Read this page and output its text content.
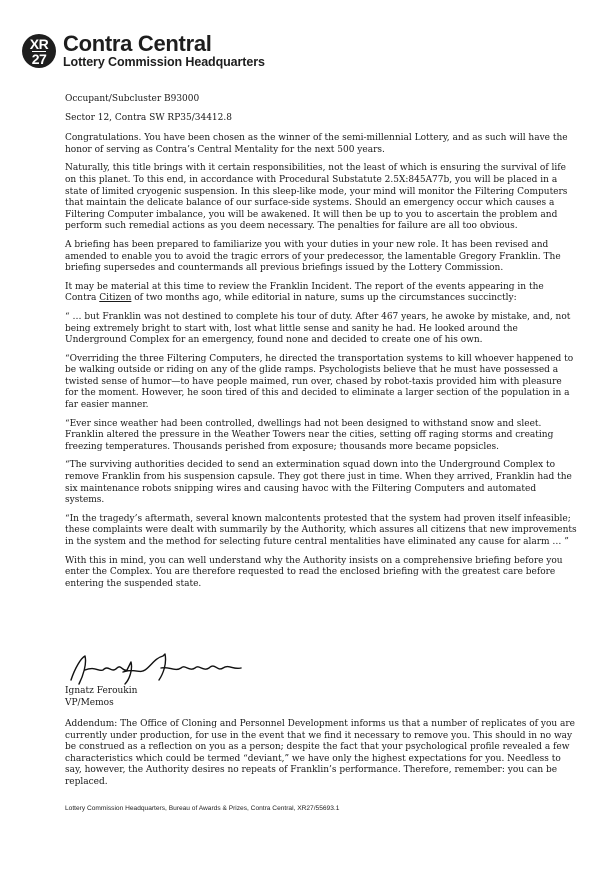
XR
27
Contra Central
Lottery Commission Headquarters

Occupant/Subcluster B93000

Sector 12, Contra SW RP35/34412.8

Congratulations. You have been chosen as the winner of the semi-millennial Lottery, and as such will have the honor of serving as Contra’s Central Mentality for the next 500 years.

Naturally, this title brings with it certain responsibilities, not the least of which is ensuring the survival of life on this planet. To this end, in accordance with Procedural Substatute 2.5X:845A77b, you will be placed in a state of limited cryogenic suspension. In this sleep-like mode, your mind will monitor the Filtering Computers that maintain the delicate balance of our surface-side systems. Should an emergency occur which causes a Filtering Computer imbalance, you will be awakened. It will then be up to you to ascertain the problem and perform such remedial actions as you deem necessary. The penalties for failure are all too obvious.

A briefing has been prepared to familiarize you with your duties in your new role. It has been revised and amended to enable you to avoid the tragic errors of your predecessor, the lamentable Gregory Franklin. The briefing supersedes and countermands all previous briefings issued by the Lottery Commission.

It may be material at this time to review the Franklin Incident. The report of the events appearing in the Contra Citizen of two months ago, while editorial in nature, sums up the circumstances succinctly:

“ … but Franklin was not destined to complete his tour of duty. After 467 years, he awoke by mistake, and, not being extremely bright to start with, lost what little sense and sanity he had. He looked around the Underground Complex for an emergency, found none and decided to create one of his own.

“Overriding the three Filtering Computers, he directed the transportation systems to kill whoever happened to be walking outside or riding on any of the glide ramps. Psychologists believe that he must have possessed a twisted sense of humor—to have people maimed, run over, chased by robot-taxis provided him with pleasure for the moment. However, he soon tired of this and decided to eliminate a larger section of the population in a far easier manner.

“Ever since weather had been controlled, dwellings had not been designed to withstand snow and sleet. Franklin altered the pressure in the Weather Towers near the cities, setting off raging storms and creating freezing temperatures. Thousands perished from exposure; thousands more became popsicles.

“The surviving authorities decided to send an extermination squad down into the Underground Complex to remove Franklin from his suspension capsule. They got there just in time. When they arrived, Franklin had the six maintenance robots snipping wires and causing havoc with the Filtering Computers and automated systems.

“In the tragedy’s aftermath, several known malcontents protested that the system had proven itself infeasible; these complaints were dealt with summarily by the Authority, which assures all citizens that new improvements in the system and the method for selecting future central mentalities have eliminated any cause for alarm … ”

With this in mind, you can well understand why the Authority insists on a comprehensive briefing before you enter the Complex. You are therefore requested to read the enclosed briefing with the greatest care before entering the suspended state.

Ignatz Feroukin
VP/Memos

Addendum: The Office of Cloning and Personnel Development informs us that a number of replicates of you are currently under production, for use in the event that we find it necessary to remove you. This should in no way be construed as a reflection on you as a person; despite the fact that your psychological profile revealed a few characteristics which could be termed “deviant,” we have only the highest expectations for you. Needless to say, however, the Authority desires no repeats of Franklin’s performance. Therefore, remember: you can be replaced.

Lottery Commission Headquarters, Bureau of Awards & Prizes, Contra Central, XR27/55693.1
